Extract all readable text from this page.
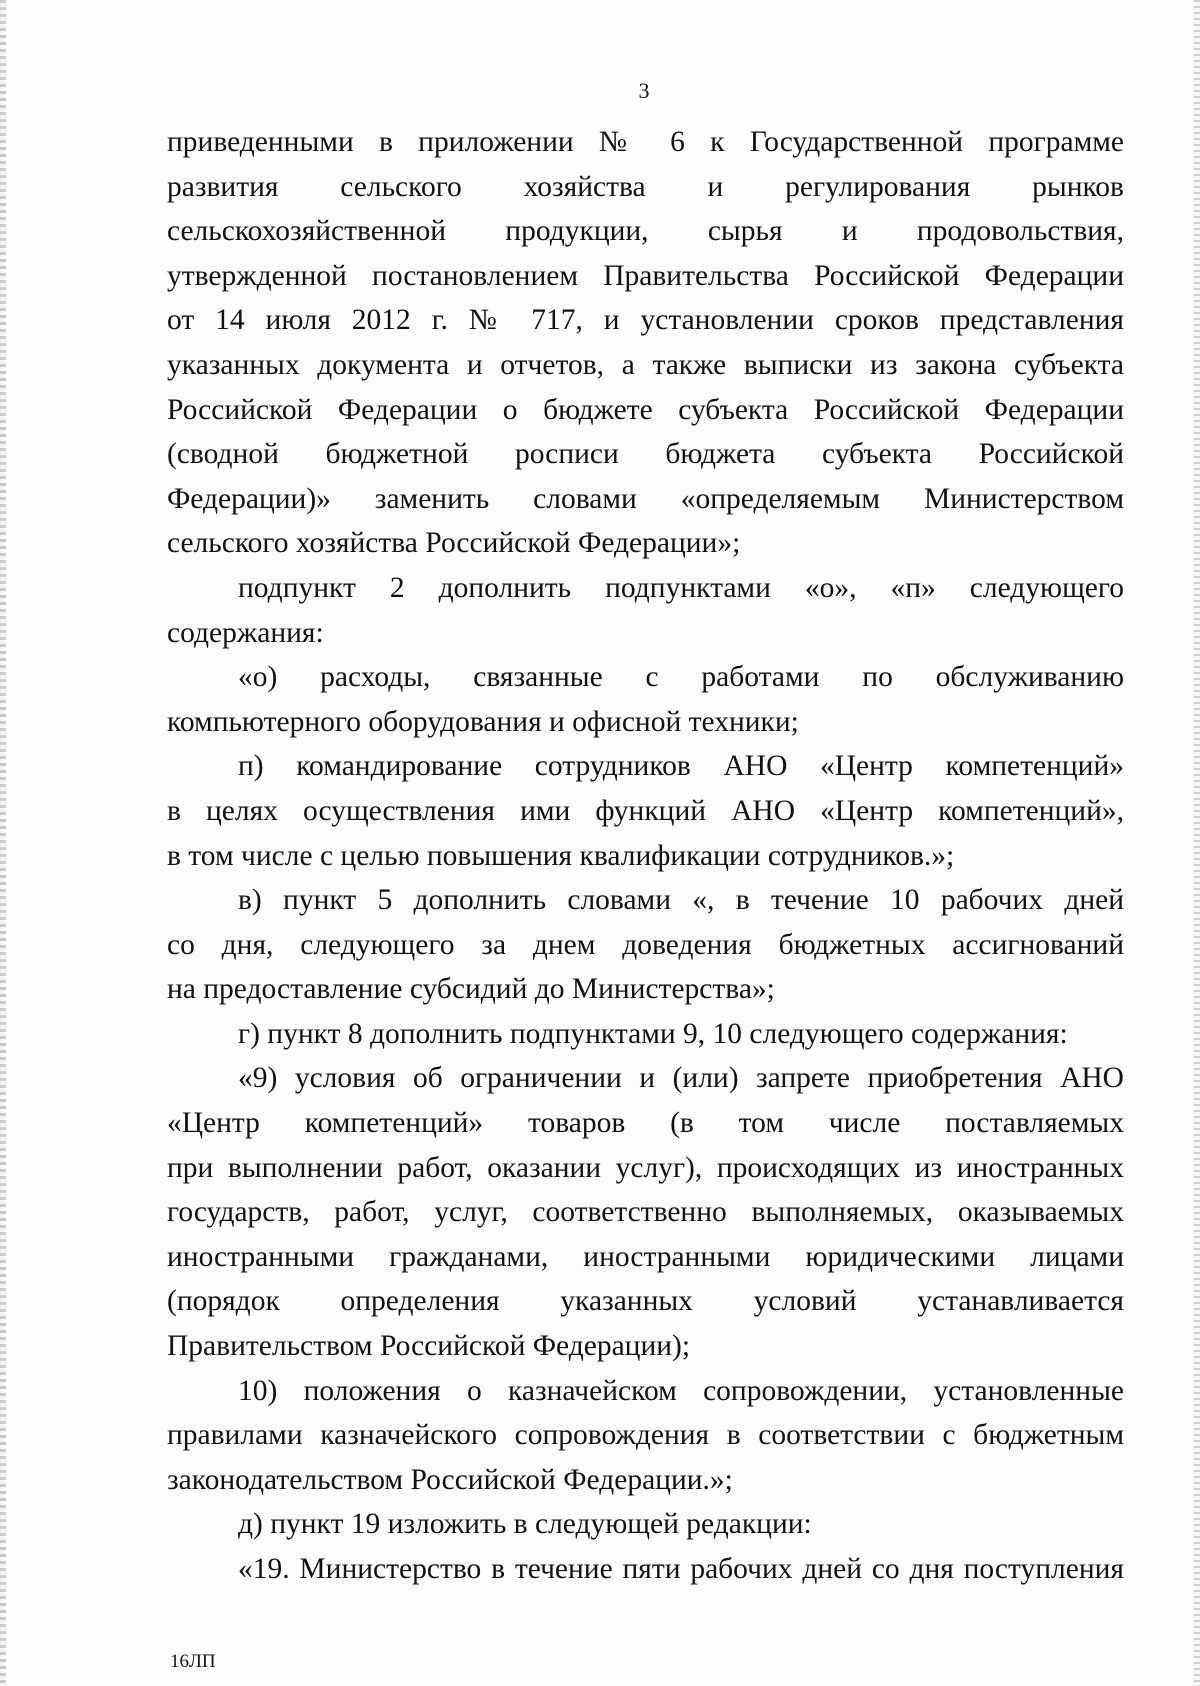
3
приведенными в приложении № 6 к Государственной программе
развития сельского хозяйства и регулирования рынков
сельскохозяйственной продукции, сырья и продовольствия,
утвержденной постановлением Правительства Российской Федерации
от 14 июля 2012 г. № 717, и установлении сроков представления
указанных документа и отчетов, а также выписки из закона субъекта
Российской Федерации о бюджете субъекта Российской Федерации
(сводной бюджетной росписи бюджета субъекта Российской
Федерации)» заменить словами «определяемым Министерством
сельского хозяйства Российской Федерации»;
подпункт 2 дополнить подпунктами «о», «п» следующего
содержания:
«о) расходы, связанные с работами по обслуживанию
компьютерного оборудования и офисной техники;
п) командирование сотрудников АНО «Центр компетенций»
в целях осуществления ими функций АНО «Центр компетенций»,
в том числе с целью повышения квалификации сотрудников.»;
в) пункт 5 дополнить словами «, в течение 10 рабочих дней
со дня, следующего за днем доведения бюджетных ассигнований
на предоставление субсидий до Министерства»;
г) пункт 8 дополнить подпунктами 9, 10 следующего содержания:
«9) условия об ограничении и (или) запрете приобретения АНО
«Центр компетенций» товаров (в том числе поставляемых
при выполнении работ, оказании услуг), происходящих из иностранных
государств, работ, услуг, соответственно выполняемых, оказываемых
иностранными гражданами, иностранными юридическими лицами
(порядок определения указанных условий устанавливается
Правительством Российской Федерации);
10) положения о казначейском сопровождении, установленные
правилами казначейского сопровождения в соответствии с бюджетным
законодательством Российской Федерации.»;
д) пункт 19 изложить в следующей редакции:
«19. Министерство в течение пяти рабочих дней со дня поступления
16ЛП
